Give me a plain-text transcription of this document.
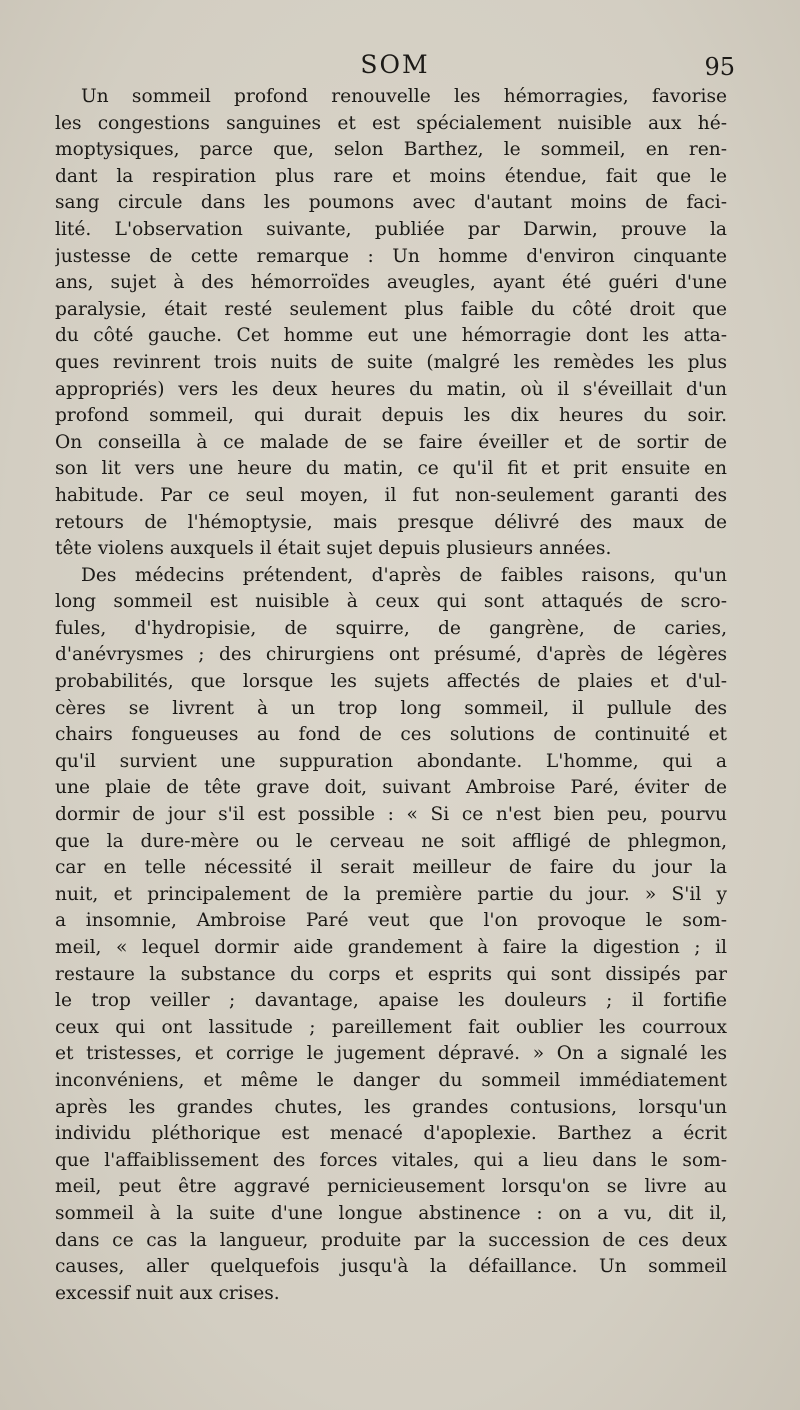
SOM	95
Un sommeil profond renouvelle les hémorragies, favorise
les congestions sanguines et est spécialement nuisible aux hé-
moptysiques, parce que, selon Barthez, le sommeil, en ren-
dant la respiration plus rare et moins étendue, fait que le
sang circule dans les poumons avec d'autant moins de faci-
lité. L'observation suivante, publiée par Darwin, prouve la
justesse de cette remarque : Un homme d'environ cinquante
ans, sujet à des hémorroïdes aveugles, ayant été guéri d'une
paralysie, était resté seulement plus faible du côté droit que
du côté gauche. Cet homme eut une hémorragie dont les atta-
ques revinrent trois nuits de suite (malgré les remèdes les plus
appropriés) vers les deux heures du matin, où il s'éveillait d'un
profond sommeil, qui durait depuis les dix heures du soir.
On conseilla à ce malade de se faire éveiller et de sortir de
son lit vers une heure du matin, ce qu'il fit et prit ensuite en
habitude. Par ce seul moyen, il fut non-seulement garanti des
retours de l'hémoptysie, mais presque délivré des maux de
tête violens auxquels il était sujet depuis plusieurs années.
Des médecins prétendent, d'après de faibles raisons, qu'un
long sommeil est nuisible à ceux qui sont attaqués de scro-
fules, d'hydropisie, de squirre, de gangrène, de caries,
d'anévrysmes ; des chirurgiens ont présumé, d'après de légères
probabilités, que lorsque les sujets affectés de plaies et d'ul-
cères se livrent à un trop long sommeil, il pullule des
chairs fongueuses au fond de ces solutions de continuité et
qu'il survient une suppuration abondante. L'homme, qui a
une plaie de tête grave doit, suivant Ambroise Paré, éviter de
dormir de jour s'il est possible : « Si ce n'est bien peu, pourvu
que la dure-mère ou le cerveau ne soit affligé de phlegmon,
car en telle nécessité il serait meilleur de faire du jour la
nuit, et principalement de la première partie du jour. » S'il y
a insomnie, Ambroise Paré veut que l'on provoque le som-
meil, « lequel dormir aide grandement à faire la digestion ; il
restaure la substance du corps et esprits qui sont dissipés par
le trop veiller ; davantage, apaise les douleurs ; il fortifie
ceux qui ont lassitude ; pareillement fait oublier les courroux
et tristesses, et corrige le jugement dépravé. » On a signalé les
inconvéniens, et même le danger du sommeil immédiatement
après les grandes chutes, les grandes contusions, lorsqu'un
individu pléthorique est menacé d'apoplexie. Barthez a écrit
que l'affaiblissement des forces vitales, qui a lieu dans le som-
meil, peut être aggravé pernicieusement lorsqu'on se livre au
sommeil à la suite d'une longue abstinence : on a vu, dit il,
dans ce cas la langueur, produite par la succession de ces deux
causes, aller quelquefois jusqu'à la défaillance. Un sommeil
excessif nuit aux crises.
